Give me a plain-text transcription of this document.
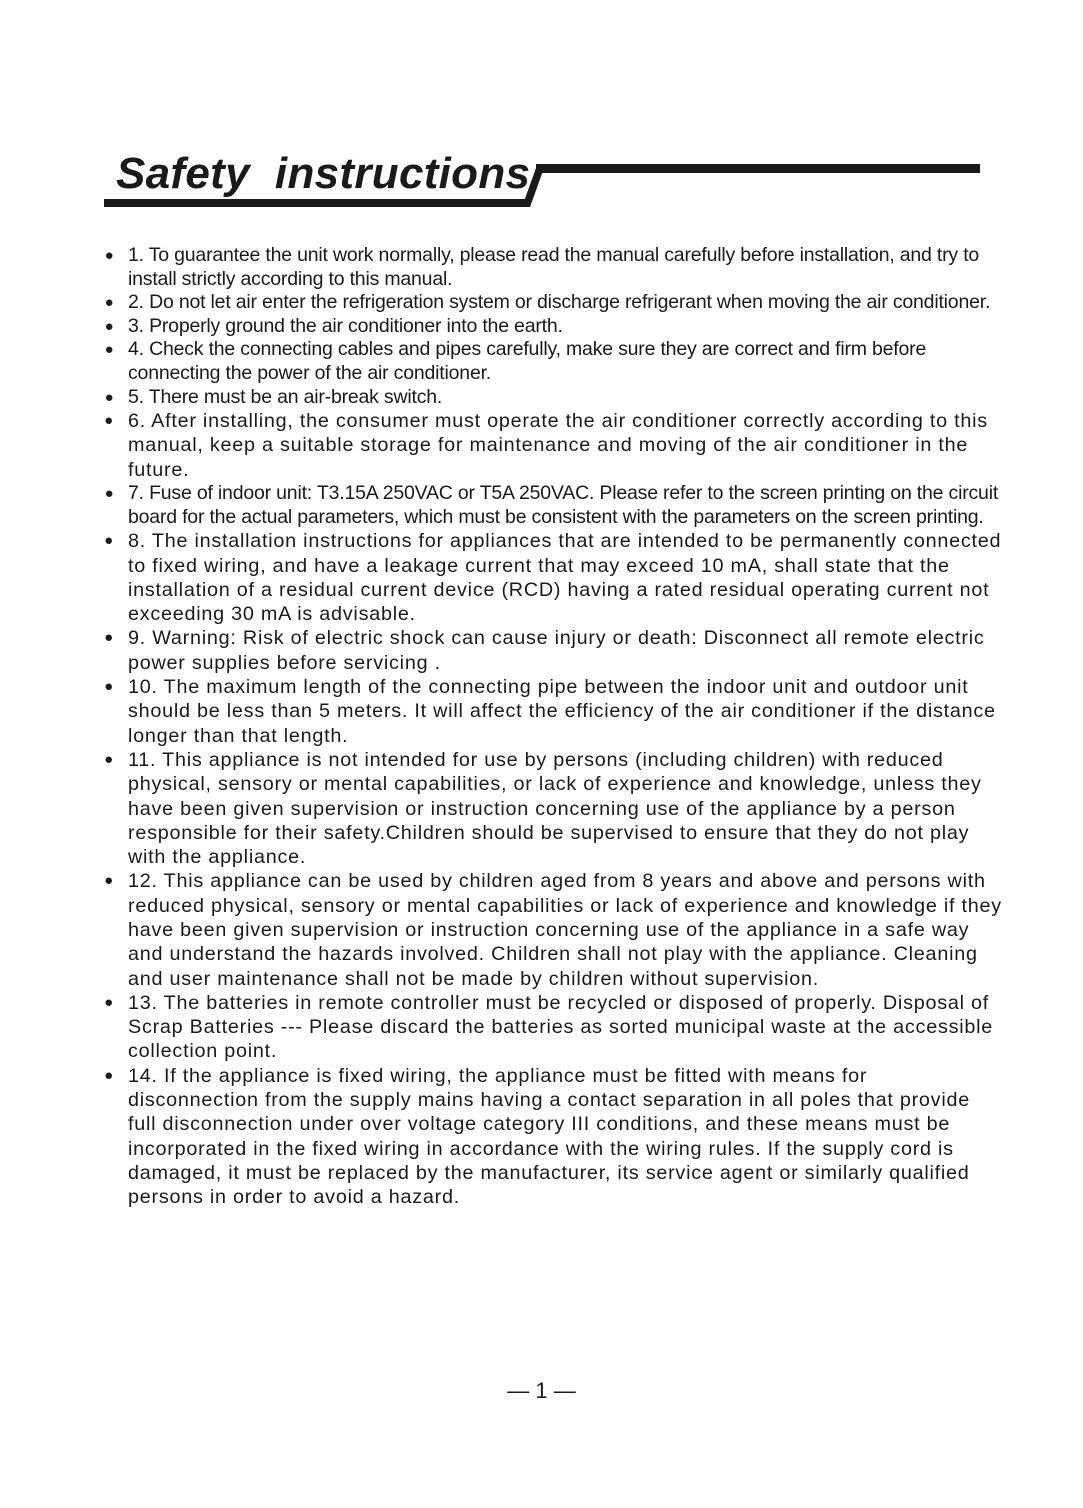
Safety  instructions
● 1. To guarantee the unit work normally, please read the manual carefully before installation, and try to install strictly according to this manual.
● 2. Do not let air enter the refrigeration system or discharge refrigerant when moving the air conditioner.
● 3. Properly ground the air conditioner into the earth.
● 4. Check the connecting cables and pipes carefully, make sure they are correct and firm before connecting the power of the air conditioner.
● 5. There must be an air-break switch.
● 6. After installing, the consumer must operate the air conditioner correctly according to this manual, keep a suitable storage for maintenance and moving of the air conditioner in the future.
● 7. Fuse of indoor unit: T3.15A 250VAC or T5A 250VAC. Please refer to the screen printing on the circuit board for the actual parameters, which must be consistent with the parameters on the screen printing.
● 8. The installation instructions for appliances that are intended to be permanently connected to fixed wiring, and have a leakage current that may exceed 10 mA, shall state that the installation of a residual current device (RCD) having a rated residual operating current not exceeding 30 mA is advisable.
● 9. Warning: Risk of electric shock can cause injury or death: Disconnect all remote electric power supplies before servicing .
● 10. The maximum length of the connecting pipe between the indoor unit and outdoor unit should be less than 5 meters. It will affect the efficiency of the air conditioner if the distance longer than that length.
● 11. This appliance is not intended for use by persons (including children) with reduced physical, sensory or mental capabilities, or lack of experience and knowledge, unless they have been given supervision or instruction concerning use of the appliance by a person responsible for their safety.Children should be supervised to ensure that they do not play with the appliance.
● 12. This appliance can be used by children aged from 8 years and above and persons with reduced physical, sensory or mental capabilities or lack of experience and knowledge if they have been given supervision or instruction concerning use of the appliance in a safe way and understand the hazards involved. Children shall not play with the appliance. Cleaning and user maintenance shall not be made by children without supervision.
● 13. The batteries in remote controller must be recycled or disposed of properly. Disposal of Scrap Batteries --- Please discard the batteries as sorted municipal waste at the accessible collection point.
● 14. If the appliance is fixed wiring, the appliance must be fitted with means for disconnection from the supply mains having a contact separation in all poles that provide full disconnection under over voltage category III conditions, and these means must be incorporated in the fixed wiring in accordance with the wiring rules. If the supply cord is damaged, it must be replaced by the manufacturer, its service agent or similarly qualified persons in order to avoid a hazard.
— 1 —
